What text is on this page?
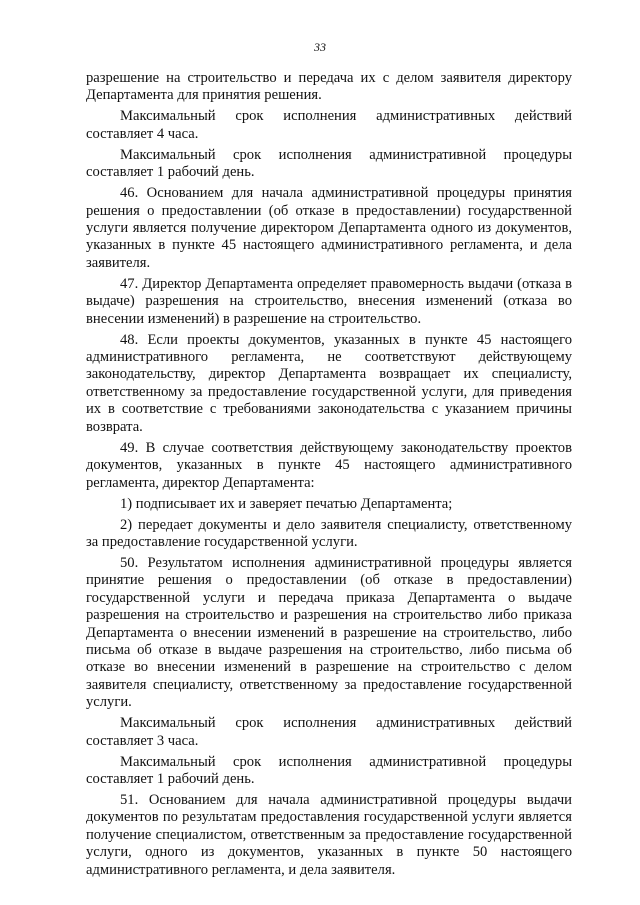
33

разрешение на строительство и передача их с делом заявителя директору Департамента для принятия решения.

Максимальный срок исполнения административных действий составляет 4 часа.

Максимальный срок исполнения административной процедуры составляет 1 рабочий день.

46. Основанием для начала административной процедуры принятия решения о предоставлении (об отказе в предоставлении) государственной услуги является получение директором Департамента одного из документов, указанных в пункте 45 настоящего административного регламента, и дела заявителя.

47. Директор Департамента определяет правомерность выдачи (отказа в выдаче) разрешения на строительство, внесения изменений (отказа во внесении изменений) в разрешение на строительство.

48. Если проекты документов, указанных в пункте 45 настоящего административного регламента, не соответствуют действующему законодательству, директор Департамента возвращает их специалисту, ответственному за предоставление государственной услуги, для приведения их в соответствие с требованиями законодательства с указанием причины возврата.

49. В случае соответствия действующему законодательству проектов документов, указанных в пункте 45 настоящего административного регламента, директор Департамента:

1) подписывает их и заверяет печатью Департамента;

2) передает документы и дело заявителя специалисту, ответственному за предоставление государственной услуги.

50. Результатом исполнения административной процедуры является принятие решения о предоставлении (об отказе в предоставлении) государственной услуги и передача приказа Департамента о выдаче разрешения на строительство и разрешения на строительство либо приказа Департамента о внесении изменений в разрешение на строительство, либо письма об отказе в выдаче разрешения на строительство, либо письма об отказе во внесении изменений в разрешение на строительство с делом заявителя специалисту, ответственному за предоставление государственной услуги.

Максимальный срок исполнения административных действий составляет 3 часа.

Максимальный срок исполнения административной процедуры составляет 1 рабочий день.

51. Основанием для начала административной процедуры выдачи документов по результатам предоставления государственной услуги является получение специалистом, ответственным за предоставление государственной услуги, одного из документов, указанных в пункте 50 настоящего административного регламента, и дела заявителя.
